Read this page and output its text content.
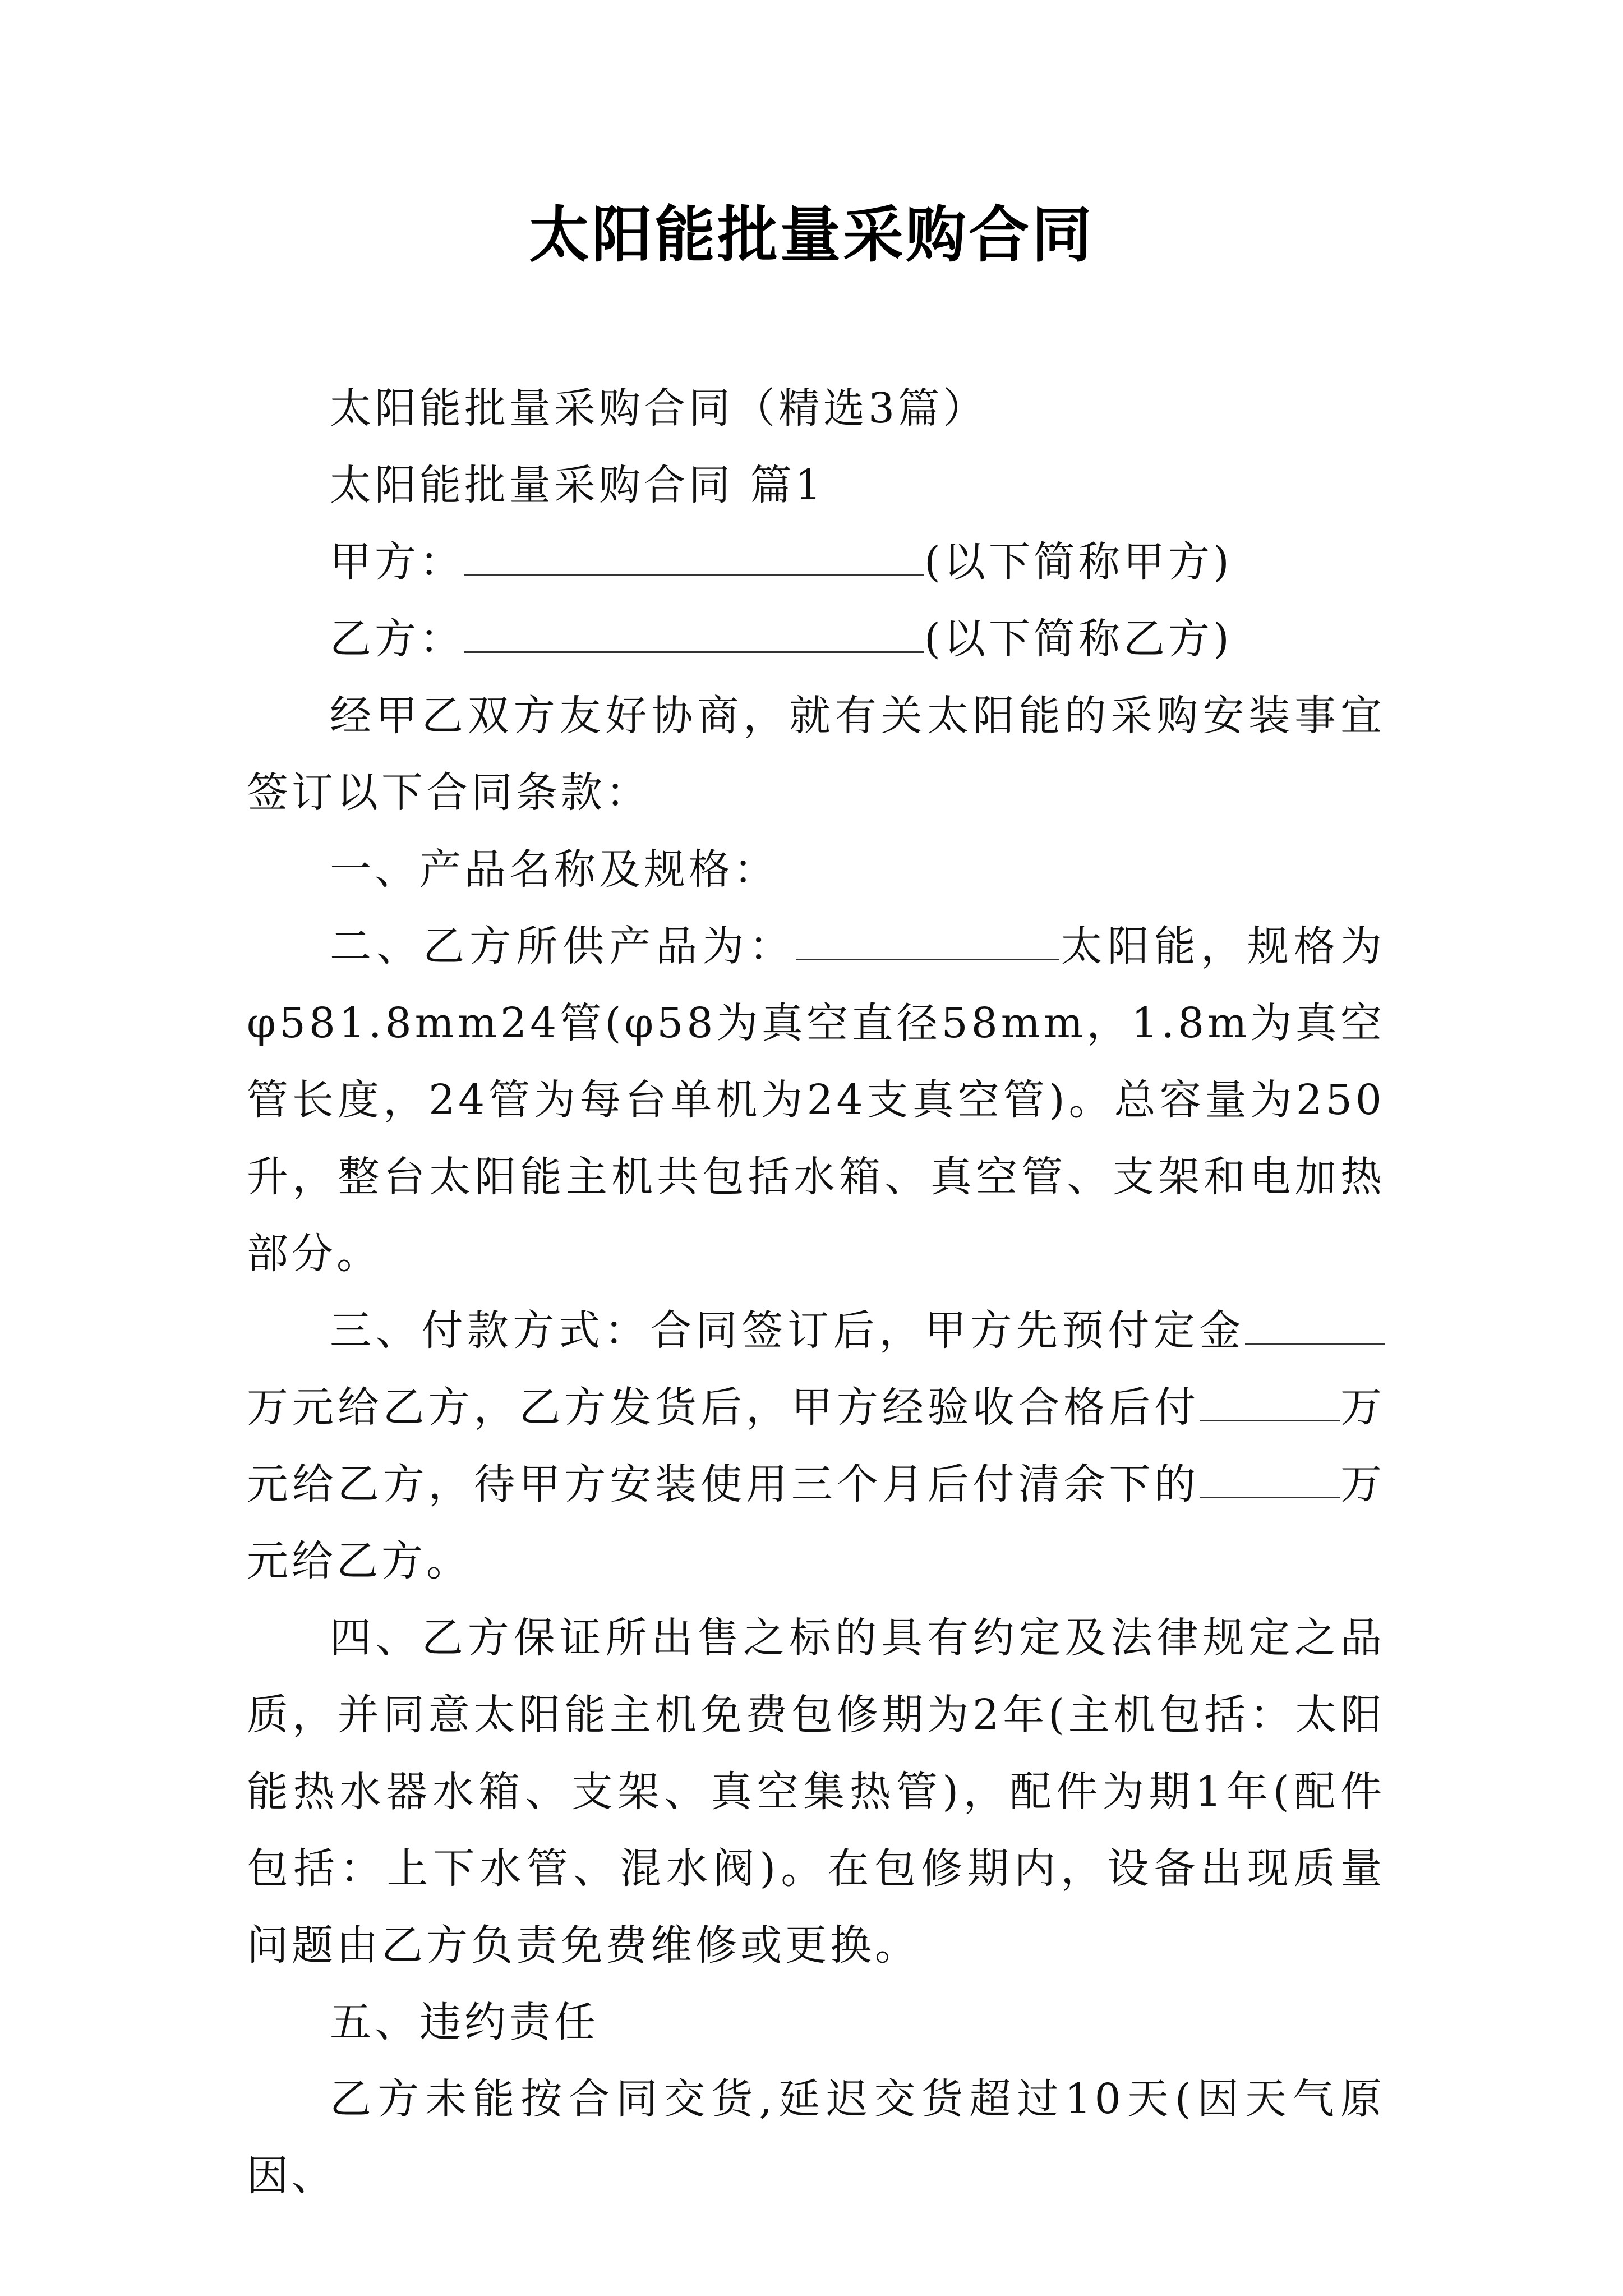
太阳能批量采购合同

太阳能批量采购合同（精选3篇）

太阳能批量采购合同 篇1

甲方：	(以下简称甲方)

乙方：	(以下简称乙方)

经甲乙双方友好协商，就有关太阳能的采购安装事宜签订以下合同条款：

一、产品名称及规格：

二、乙方所供产品为：	太阳能，规格为φ581.8mm24管(φ58为真空直径58mm，1.8m为真空管长度，24管为每台单机为24支真空管)。总容量为250升，整台太阳能主机共包括水箱、真空管、支架和电加热部分。

三、付款方式：合同签订后，甲方先预付定金万元给乙方，乙方发货后，甲方经验收合格后付	万元给乙方，待甲方安装使用三个月后付清余下的	万元给乙方。

四、乙方保证所出售之标的具有约定及法律规定之品质，并同意太阳能主机免费包修期为2年(主机包括：太阳能热水器水箱、支架、真空集热管)，配件为期1年(配件包括：上下水管、混水阀)。在包修期内，设备出现质量问题由乙方负责免费维修或更换。

五、违约责任

乙方未能按合同交货,延迟交货超过10天(因天气原因、
